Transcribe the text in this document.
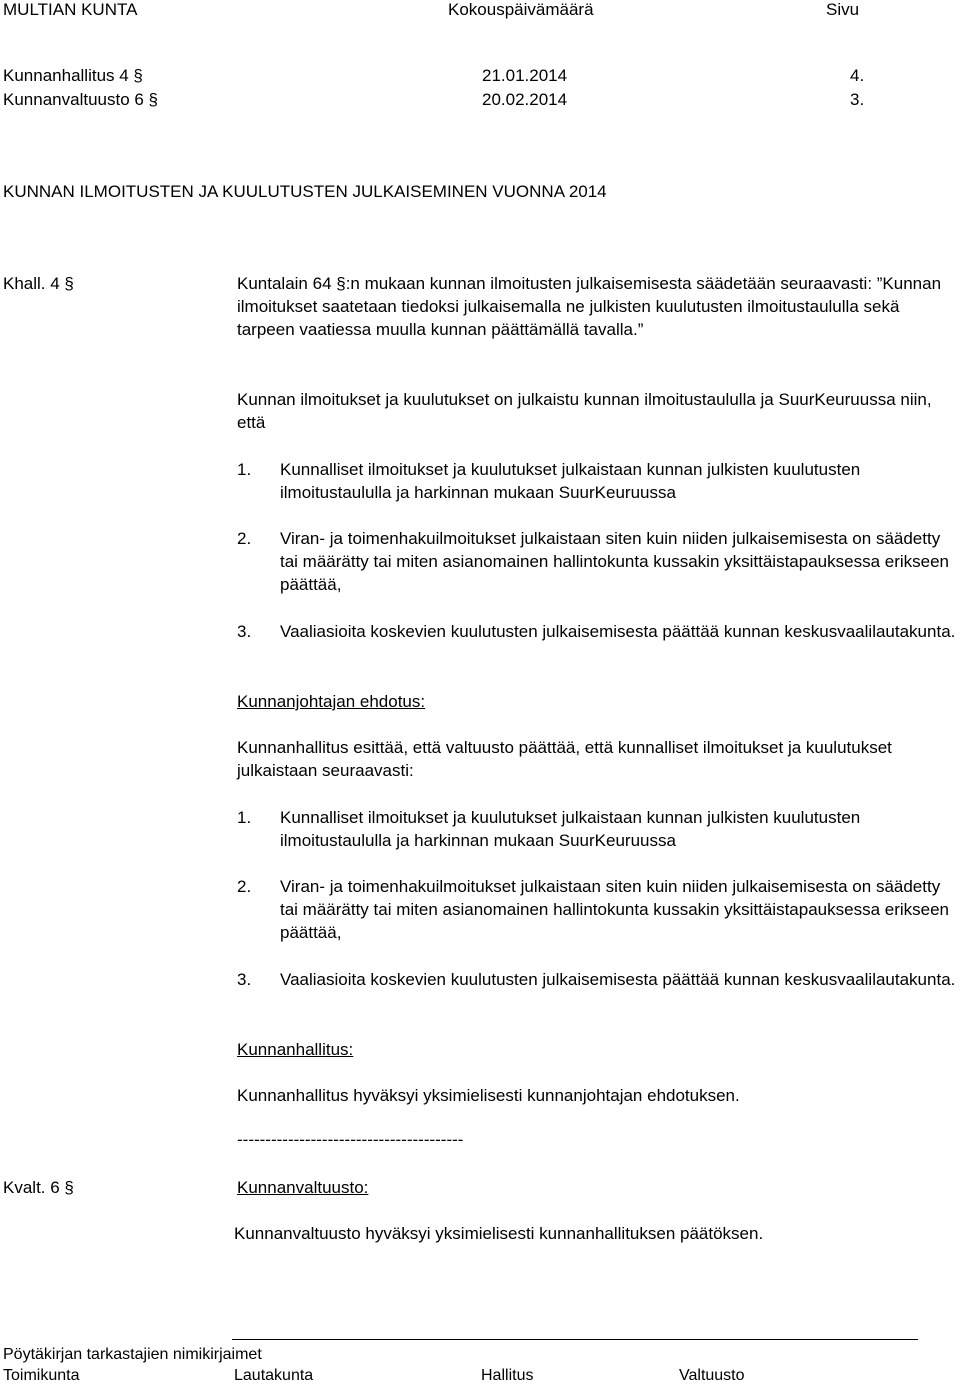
MULTIAN KUNTA	Kokouspäivämäärä	Sivu
Kunnanhallitus 4 §	21.01.2014	4.
Kunnanvaltuusto 6 §	20.02.2014	3.
KUNNAN ILMOITUSTEN JA KUULUTUSTEN JULKAISEMINEN VUONNA 2014
Khall. 4 §	Kuntalain 64 §:n mukaan kunnan ilmoitusten julkaisemisesta säädetään seuraavasti: ”Kunnan ilmoitukset saatetaan tiedoksi julkaisemalla ne julkisten kuulutusten ilmoitustaululla sekä tarpeen vaatiessa muulla kunnan päättämällä tavalla.”
Kunnan ilmoitukset ja kuulutukset on julkaistu kunnan ilmoitustaululla ja SuurKeuruussa niin, että
1. Kunnalliset ilmoitukset ja kuulutukset julkaistaan kunnan julkisten kuulutusten ilmoitustaululla ja harkinnan mukaan SuurKeuruussa
2. Viran- ja toimenhakuilmoitukset julkaistaan siten kuin niiden julkaisemisesta on säädetty tai määrätty tai miten asianomainen hallintokunta kussakin yksittäistapauksessa erikseen päättää,
3. Vaaliasioita koskevien kuulutusten julkaisemisesta päättää kunnan keskusvaalilautakunta.
Kunnanjohtajan ehdotus:
Kunnanhallitus esittää, että valtuusto päättää, että kunnalliset ilmoitukset ja kuulutukset julkaistaan seuraavasti:
1. Kunnalliset ilmoitukset ja kuulutukset julkaistaan kunnan julkisten kuulutusten ilmoitustaululla ja harkinnan mukaan SuurKeuruussa
2. Viran- ja toimenhakuilmoitukset julkaistaan siten kuin niiden julkaisemisesta on säädetty tai määrätty tai miten asianomainen hallintokunta kussakin yksittäistapauksessa erikseen päättää,
3. Vaaliasioita koskevien kuulutusten julkaisemisesta päättää kunnan keskusvaalilautakunta.
Kunnanhallitus:
Kunnanhallitus hyväksyi yksimielisesti kunnanjohtajan ehdotuksen.
----------------------------------------
Kvalt. 6 §	Kunnanvaltuusto:
Kunnanvaltuusto hyväksyi yksimielisesti kunnanhallituksen päätöksen.
Pöytäkirjan tarkastajien nimikirjaimet
Toimikunta	Lautakunta	Hallitus	Valtuusto
